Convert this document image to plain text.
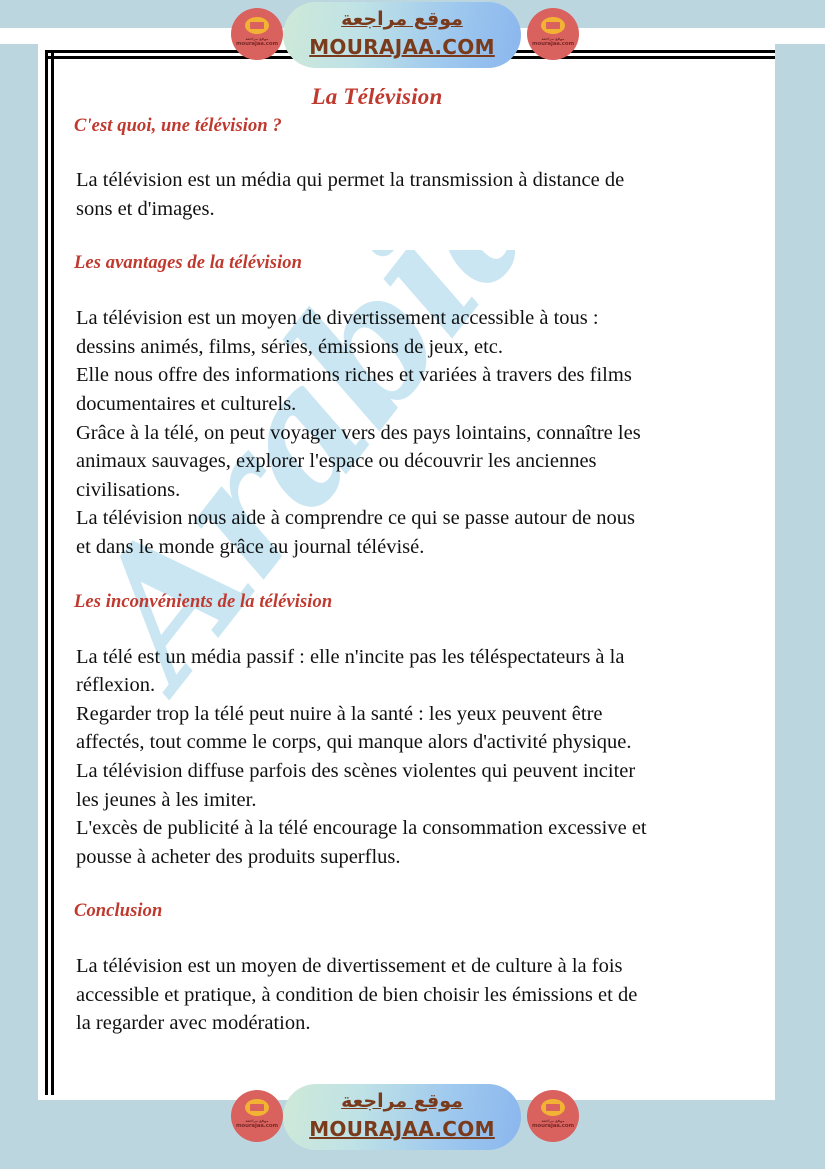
La Télévision
C'est quoi, une télévision ?
La télévision est un média qui permet la transmission à distance de
sons et d'images.
Les avantages de la télévision
La télévision est un moyen de divertissement accessible à tous :
dessins animés, films, séries, émissions de jeux, etc.
Elle nous offre des informations riches et variées à travers des films
documentaires et culturels.
Grâce à la télé, on peut voyager vers des pays lointains, connaître les
animaux sauvages, explorer l'espace ou découvrir les anciennes
civilisations.
La télévision nous aide à comprendre ce qui se passe autour de nous
et dans le monde grâce au journal télévisé.
Les inconvénients de la télévision
La télé est un média passif : elle n'incite pas les téléspectateurs à la
réflexion.
Regarder trop la télé peut nuire à la santé : les yeux peuvent être
affectés, tout comme le corps, qui manque alors d'activité physique.
La télévision diffuse parfois des scènes violentes qui peuvent inciter
les jeunes à les imiter.
L'excès de publicité à la télé encourage la consommation excessive et
pousse à acheter des produits superflus.
Conclusion
La télévision est un moyen de divertissement et de culture à la fois
accessible et pratique, à condition de bien choisir les émissions et de
la regarder avec modération.
موقع مراجعة
mourajaa.com
موقع مراجعة
mourajaa.com
موقع مراجعة
MOURAJAA.COM
موقع مراجعة
mourajaa.com
موقع مراجعة
mourajaa.com
موقع مراجعة
MOURAJAA.COM
